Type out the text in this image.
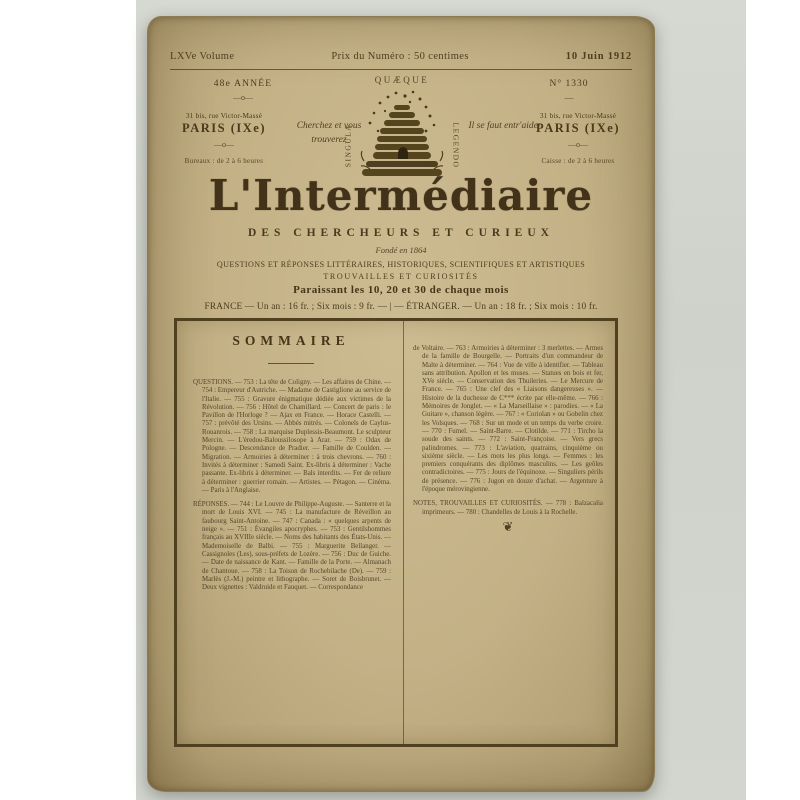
LXVe Volume	Prix du Numéro : 50 centimes	10 Juin 1912
48e ANNÉE
—o—
N° 1330
—
31 bis, rue Victor-Massé
PARIS (IXe)
—o—
Bureaux : de 2 à 6 heures
Cherchez et vous trouverez
QUÆQUE
SINGULA	LEGENDO Il se faut entr'aider
31 bis, rue Victor-Massé
PARIS (IXe)
—o—
Caisse : de 2 à 6 heures
L'Intermédiaire
DES CHERCHEURS ET CURIEUX
Fondé en 1864
QUESTIONS ET RÉPONSES LITTÉRAIRES, HISTORIQUES, SCIENTIFIQUES ET ARTISTIQUES
TROUVAILLES ET CURIOSITÉS
Paraissant les 10, 20 et 30 de chaque mois
FRANCE — Un an : 16 fr. ; Six mois : 9 fr. — | — ÉTRANGER. — Un an : 18 fr. ; Six mois : 10 fr.
SOMMAIRE

QUESTIONS. — 753 : La tête de Coligny. — Les affaires de Chine. — 754 : Empereur d'Autriche. — Madame de Castiglione au service de l'Italie. — 755 : Gravure énigmatique dédiée aux victimes de la Révolution. — 756 : Hôtel de Chamillard. — Concert de paris : le Pavillon de l'Horloge ? — Ajax en France. — Horace Castelli. — 757 : prévôté des Ursins. — Abbés mitrés. — Colonels de Caylus-Rouanrois. — 758 : La marquise Duplessis-Beaumont. Le sculpteur Mercin. — L'éredou-Baloussilosope à Arar. — 759 : Odax de Pologne. — Descendance de Pradier. — Famille de Coulden. — Migration. — Armoiries à déterminer : à trois chevrons. — 760 : Invités à déterminer : Samedi Saint. Ex-libris à déterminer : Vache passante. Ex-libris à déterminer. — Bals interdits. — Fer de reliure à déterminer : guerrier romain. — Artistes. — Pétagon. — Cinéma. — Paris à l'Anglaise.

RÉPONSES. — 744 : Le Louvre de Philippe-Auguste. — Santerre et la mort de Louis XVI. — 745 : La manufacture de Réveillon au faubourg Saint-Antoine. — 747 : Canada : « quelques arpents de neige ». — 751 : Évangiles apocryphes. — 753 : Gentilshommes français au XVIIIe siècle. — Noms des habitants des États-Unis. — Mademoiselle de Balbi. — 755 : Marguerite Bellanger. — Cassignoles (Les), sous-préfets de Lozère. — 756 : Duc de Guiche. — Date de naissance de Kant. — Famille de la Porte. — Almanach de Chantoue. — 758 : La Toison de Rochebilache (De). — 759 : Marlès (J.-M.) peintre et lithographe. — Soret de Boisbrunet. — Deux vignettes : Valdruide et Fauquet. — Correspondance

de Voltaire. — 763 : Armoiries à déterminer : 3 merlettes. — Armes de la famille de Bourgelle. — Portraits d'un commandeur de Malte à déterminer. — 764 : Vue de ville à identifier. — Tableau sans attribution. Apollon et les muses. — Statues en bois et fer, XVe siècle. — Conservation des Thuileries. — Le Mercure de France. — 765 : Une clef des « Liaisons dangereuses ». — Histoire de la duchesse de C*** écrite par elle-même. — 766 : Mémoires de Jonglet. — « La Marseillaise » : parodies. — « La Guitare », chanson légère. — 767 : « Coriolan » ou Gobelin chez les Volsques. — 768 : Sur un mode et un temps du verbe croire. — 770 : Fumel. — Saint-Barre. — Clotilde. — 771 : Tircho la soude des saints. — 772 : Saint-Françoise. — Vers grecs palindromes. — 773 : L'aviation, quatrains, cinquième ou sixième siècle. — Les mots les plus longs. — Femmes : les premiers conquérants des diplômes masculins. — Les geôles contradictoires. — 775 : Jours de l'équinoxe. — Singuliers périls de présence. — 776 : Jugon en douze d'achat. — Argenture à l'époque mérovingienne.

NOTES, TROUVAILLES ET CURIOSITÉS. — 778 : Balzacalia imprimeurs. — 780 : Chandelles de Louis à la Rochelle.

❦
